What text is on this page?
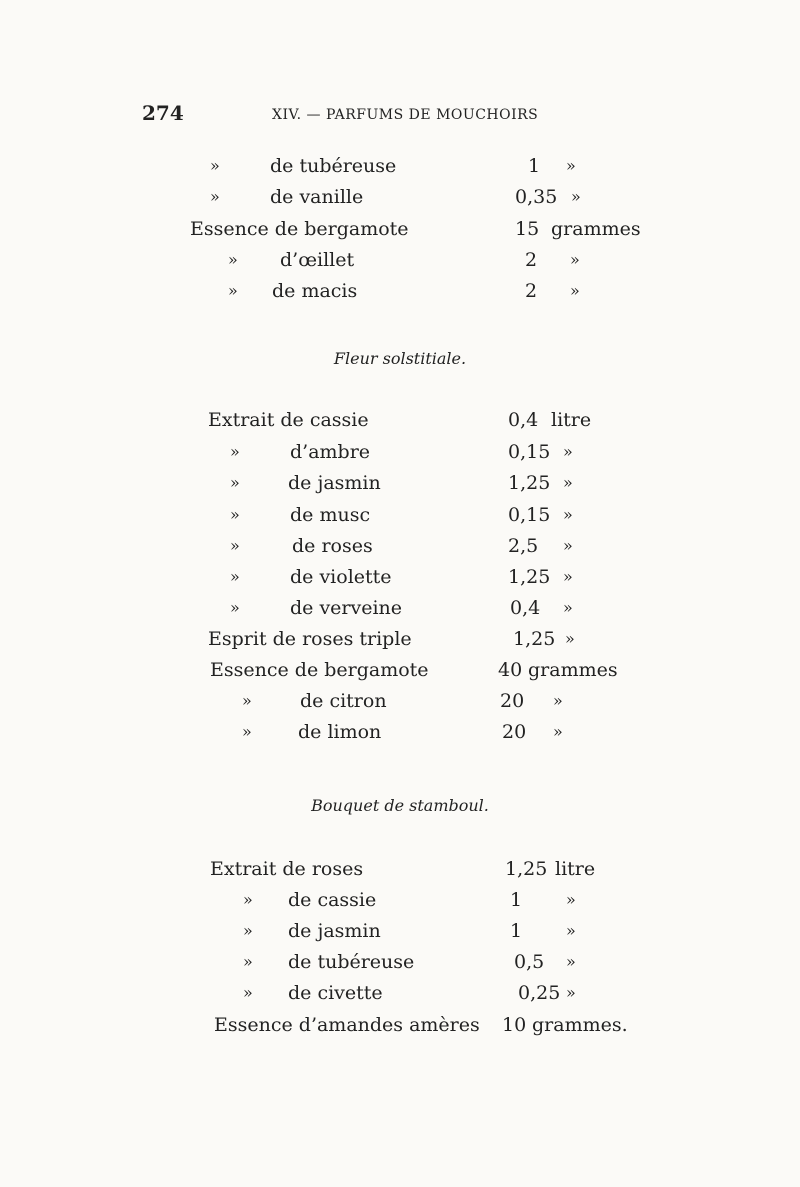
274	XIV. — PARFUMS DE MOUCHOIRS
»	de tubéreuse	1 »
»	de vanille	0,35 »
Essence de bergamote	15 grammes
» d’œillet	2 »
» de macis	2 »
Fleur solstitiale.
Extrait de cassie	0,4 litre
»	d’ambre	0,15 »
»	de jasmin	1,25 »
»	de musc	0,15 »
»	de roses	2,5 »
»	de violette	1,25 »
»	de verveine	0,4 »
Esprit de roses triple	1,25 »
Essence de bergamote	40 grammes
»	de citron	20 »
» de limon	20 »
Bouquet de stamboul.
Extrait de roses	1,25 litre
» de cassie	1	»
» de jasmin	1	»
» de tubéreuse	0,5 »
» de civette	0,25 »
Essence d’amandes amères 10 grammes.
